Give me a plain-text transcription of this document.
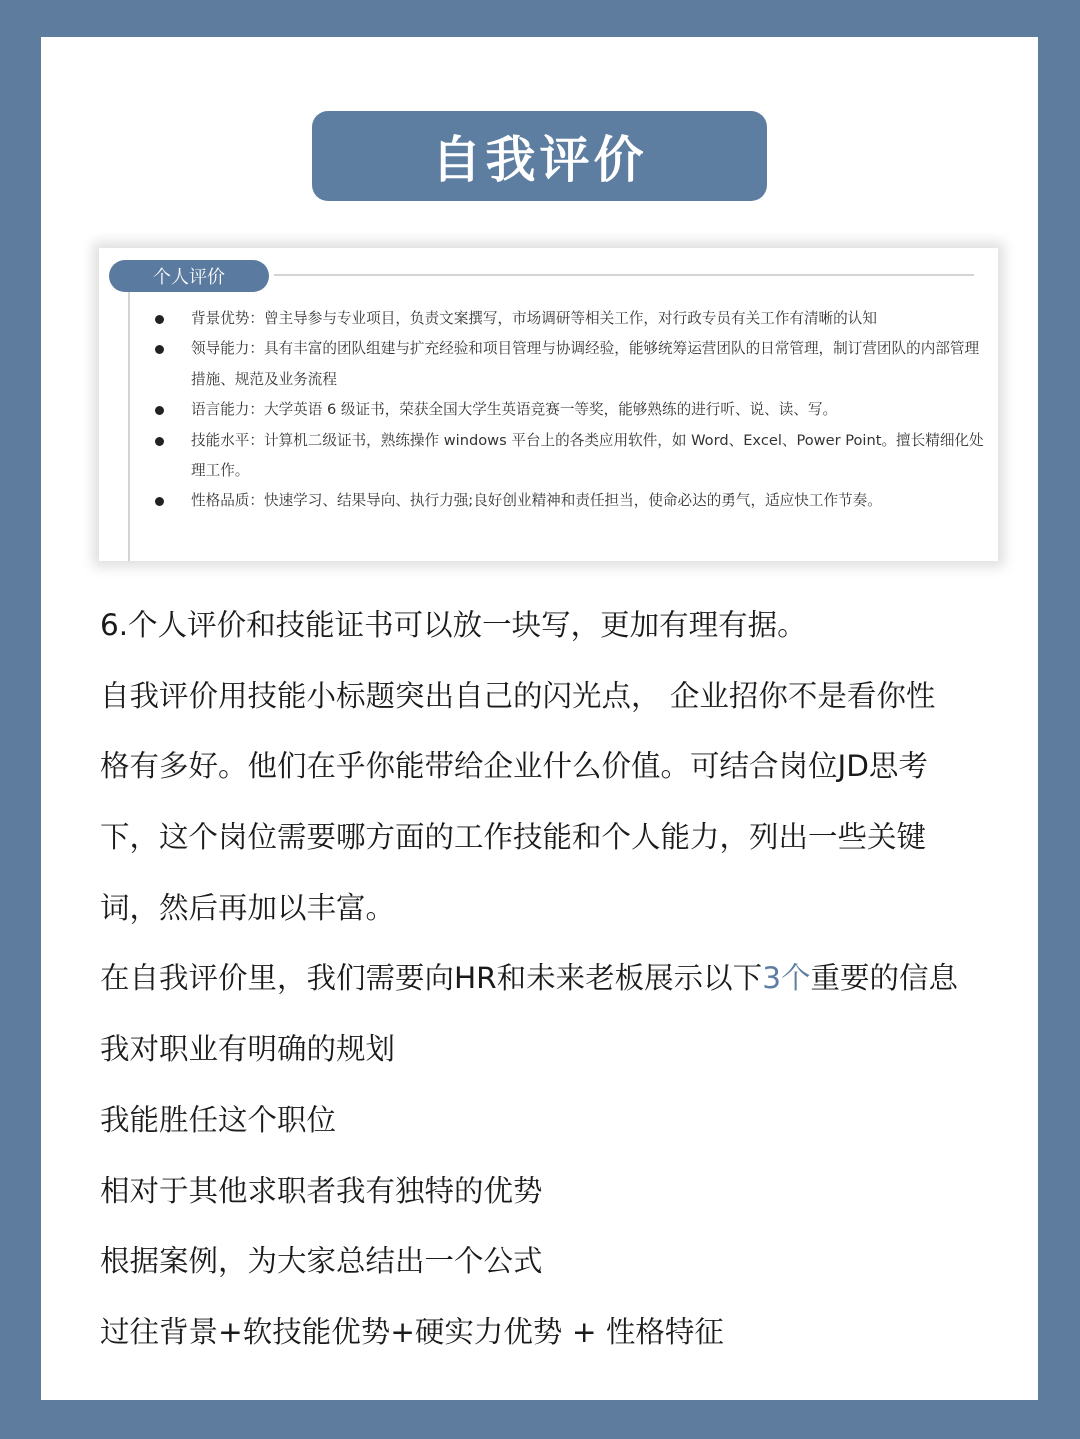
自我评价
个人评价
背景优势：曾主导参与专业项目，负责文案撰写，市场调研等相关工作，对行政专员有关工作有清晰的认知
领导能力：具有丰富的团队组建与扩充经验和项目管理与协调经验，能够统筹运营团队的日常管理，制订营团队的内部管理措施、规范及业务流程
语言能力：大学英语 6 级证书，荣获全国大学生英语竞赛一等奖，能够熟练的进行听、说、读、写。
技能水平：计算机二级证书，熟练操作 windows 平台上的各类应用软件，如 Word、Excel、Power Point。擅长精细化处理工作。
性格品质：快速学习、结果导向、执行力强;良好创业精神和责任担当，使命必达的勇气，适应快工作节奏。

6.个人评价和技能证书可以放一块写，更加有理有据。

自我评价用技能小标题突出自己的闪光点， 企业招你不是看你性

格有多好。他们在乎你能带给企业什么价值。可结合岗位JD思考

下，这个岗位需要哪方面的工作技能和个人能力，列出一些关键

词，然后再加以丰富。

在自我评价里，我们需要向HR和未来老板展示以下3个重要的信息

我对职业有明确的规划

我能胜任这个职位

相对于其他求职者我有独特的优势

根据案例，为大家总结出一个公式

过往背景+软技能优势+硬实力优势 + 性格特征
